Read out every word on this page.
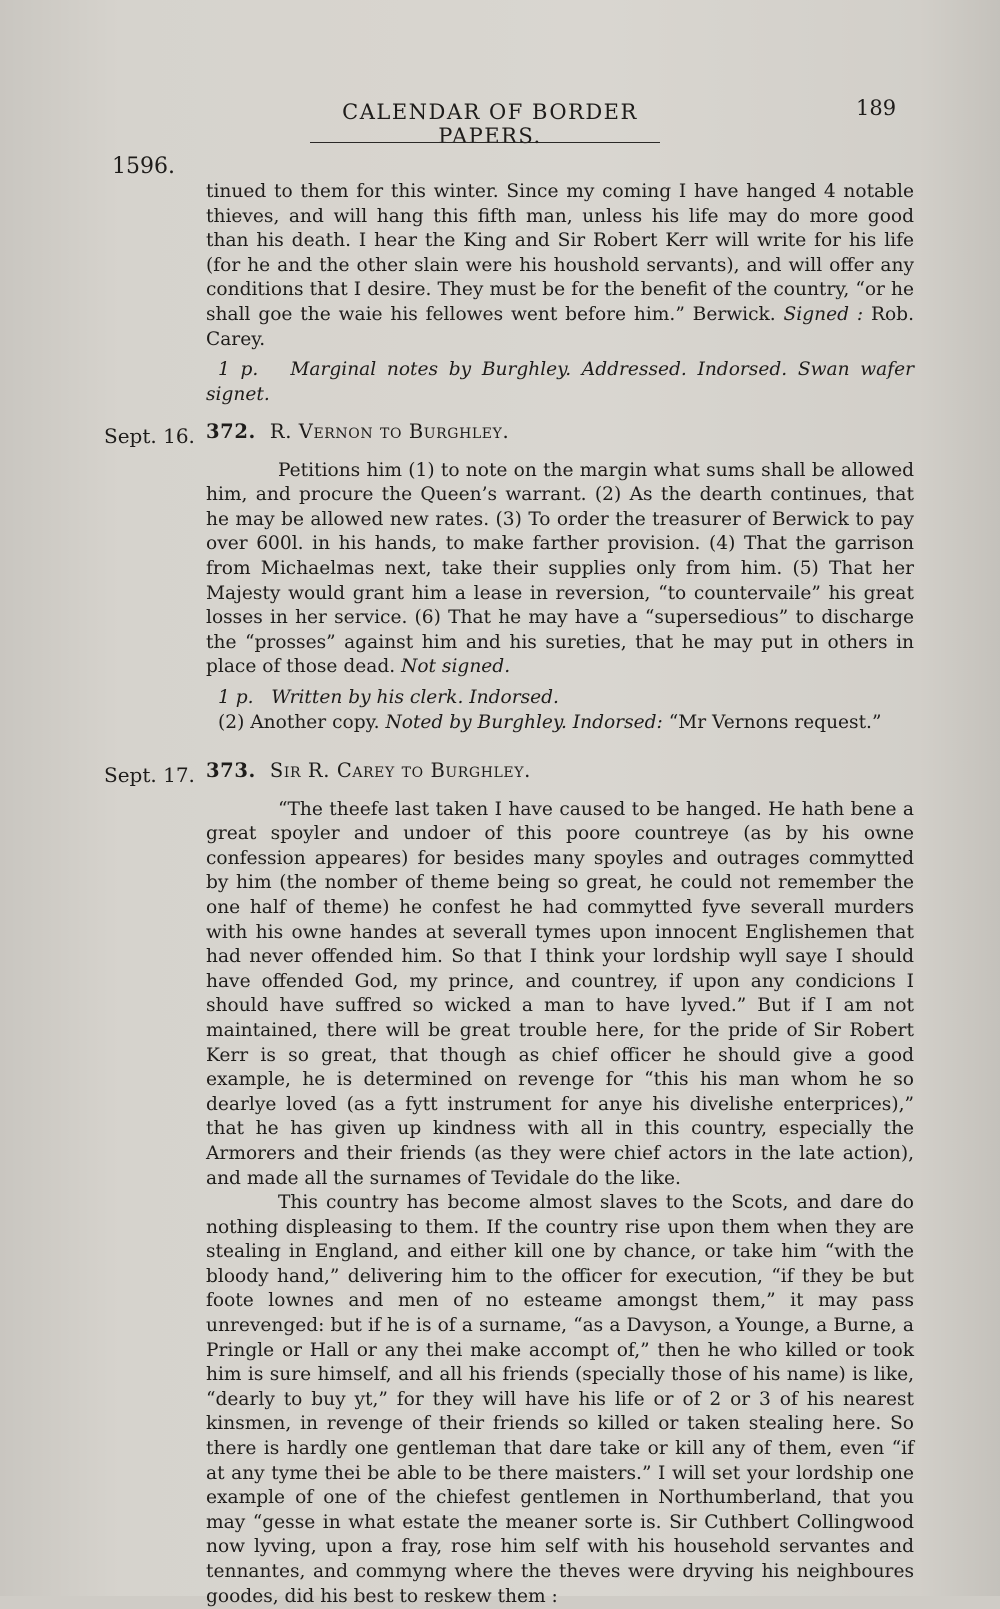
CALENDAR OF BORDER PAPERS.
189
1596.
Sept. 16.
Sept. 17.

tinued to them for this winter. Since my coming I have hanged 4 notable thieves, and will hang this fifth man, unless his life may do more good than his death. I hear the King and Sir Robert Kerr will write for his life (for he and the other slain were his houshold servants), and will offer any conditions that I desire. They must be for the benefit of the country, “or he shall goe the waie his fellowes went before him.” Berwick. Signed : Rob. Carey.

1 p. Marginal notes by Burghley. Addressed. Indorsed. Swan wafer signet.

372. R. Vernon to Burghley.

Petitions him (1) to note on the margin what sums shall be allowed him, and procure the Queen’s warrant. (2) As the dearth continues, that he may be allowed new rates. (3) To order the treasurer of Berwick to pay over 600l. in his hands, to make farther provision. (4) That the garrison from Michaelmas next, take their supplies only from him. (5) That her Majesty would grant him a lease in reversion, “to countervaile” his great losses in her service. (6) That he may have a “supersedious” to discharge the “prosses” against him and his sureties, that he may put in others in place of those dead. Not signed.

1 p. Written by his clerk. Indorsed.

(2) Another copy. Noted by Burghley. Indorsed: “Mr Vernons request.”

373. Sir R. Carey to Burghley.

“The theefe last taken I have caused to be hanged. He hath bene a great spoyler and undoer of this poore countreye (as by his owne confession appeares) for besides many spoyles and outrages commytted by him (the nomber of theme being so great, he could not remember the one half of theme) he confest he had commytted fyve severall murders with his owne handes at severall tymes upon innocent Englishemen that had never offended him. So that I think your lordship wyll saye I should have offended God, my prince, and countrey, if upon any condicions I should have suffred so wicked a man to have lyved.” But if I am not maintained, there will be great trouble here, for the pride of Sir Robert Kerr is so great, that though as chief officer he should give a good example, he is determined on revenge for “this his man whom he so dearlye loved (as a fytt instrument for anye his divelishe enterprices),” that he has given up kindness with all in this country, especially the Armorers and their friends (as they were chief actors in the late action), and made all the surnames of Tevidale do the like.

This country has become almost slaves to the Scots, and dare do nothing displeasing to them. If the country rise upon them when they are stealing in England, and either kill one by chance, or take him “with the bloody hand,” delivering him to the officer for execution, “if they be but foote lownes and men of no esteame amongst them,” it may pass unrevenged: but if he is of a surname, “as a Davyson, a Younge, a Burne, a Pringle or Hall or any thei make accompt of,” then he who killed or took him is sure himself, and all his friends (specially those of his name) is like, “dearly to buy yt,” for they will have his life or of 2 or 3 of his nearest kinsmen, in revenge of their friends so killed or taken stealing here. So there is hardly one gentleman that dare take or kill any of them, even “if at any tyme thei be able to be there maisters.” I will set your lordship one example of one of the chiefest gentlemen in Northumberland, that you may “gesse in what estate the meaner sorte is. Sir Cuthbert Collingwood now lyving, upon a fray, rose him self with his household servantes and tennantes, and commyng where the theves were dryving his neighboures goodes, did his best to reskew them :
